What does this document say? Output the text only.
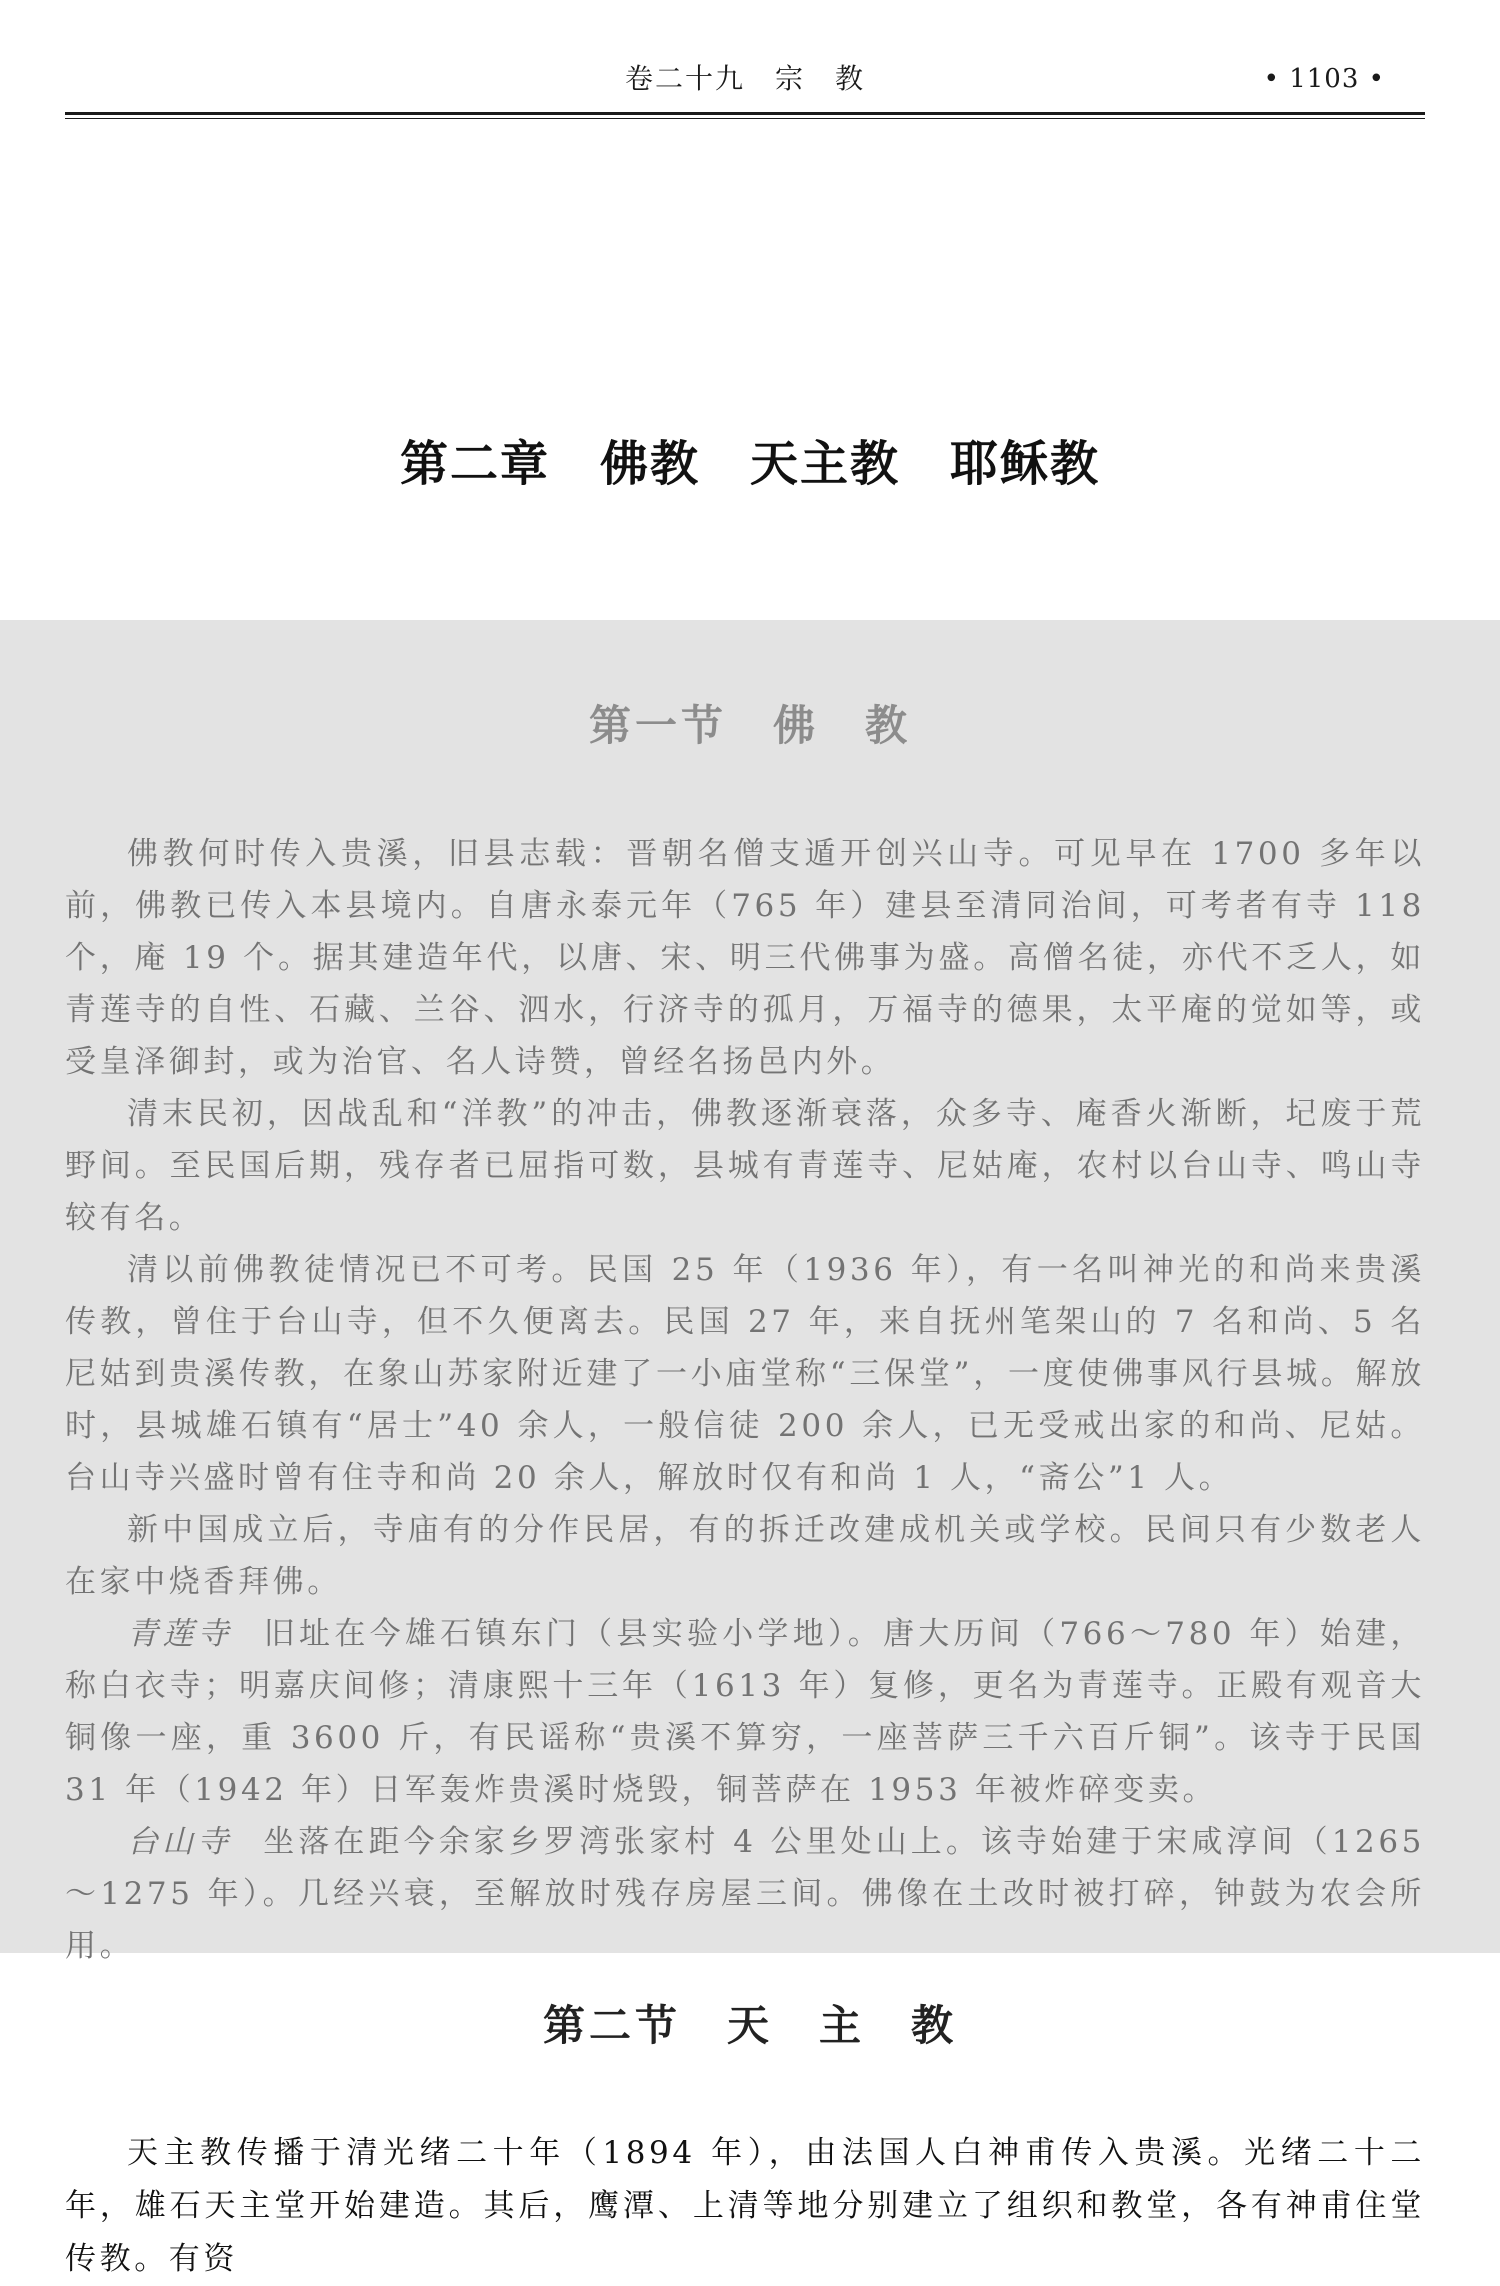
卷二十九　宗　教	• 1103 •
第二章　佛教　天主教　耶稣教
第一节　佛　教

佛教何时传入贵溪，旧县志载：晋朝名僧支遁开创兴山寺。可见早在 1700 多年以前，佛教已传入本县境内。自唐永泰元年（765 年）建县至清同治间，可考者有寺 118 个，庵 19 个。据其建造年代，以唐、宋、明三代佛事为盛。高僧名徒，亦代不乏人，如青莲寺的自性、石藏、兰谷、泗水，行济寺的孤月，万福寺的德果，太平庵的觉如等，或受皇泽御封，或为治官、名人诗赞，曾经名扬邑内外。

清末民初，因战乱和“洋教”的冲击，佛教逐渐衰落，众多寺、庵香火渐断，圮废于荒野间。至民国后期，残存者已屈指可数，县城有青莲寺、尼姑庵，农村以台山寺、鸣山寺较有名。

清以前佛教徒情况已不可考。民国 25 年（1936 年），有一名叫神光的和尚来贵溪传教，曾住于台山寺，但不久便离去。民国 27 年，来自抚州笔架山的 7 名和尚、5 名尼姑到贵溪传教，在象山苏家附近建了一小庙堂称“三保堂”，一度使佛事风行县城。解放时，县城雄石镇有“居士”40 余人，一般信徒 200 余人，已无受戒出家的和尚、尼姑。台山寺兴盛时曾有住寺和尚 20 余人，解放时仅有和尚 1 人，“斋公”1 人。

新中国成立后，寺庙有的分作民居，有的拆迁改建成机关或学校。民间只有少数老人在家中烧香拜佛。

青莲寺 旧址在今雄石镇东门（县实验小学地）。唐大历间（766～780 年）始建，称白衣寺；明嘉庆间修；清康熙十三年（1613 年）复修，更名为青莲寺。正殿有观音大铜像一座，重 3600 斤，有民谣称“贵溪不算穷，一座菩萨三千六百斤铜”。该寺于民国 31 年（1942 年）日军轰炸贵溪时烧毁，铜菩萨在 1953 年被炸碎变卖。

台山寺 坐落在距今余家乡罗湾张家村 4 公里处山上。该寺始建于宋咸淳间（1265～1275 年）。几经兴衰，至解放时残存房屋三间。佛像在土改时被打碎，钟鼓为农会所用。

第二节　天　主　教

天主教传播于清光绪二十年（1894 年），由法国人白神甫传入贵溪。光绪二十二年，雄石天主堂开始建造。其后，鹰潭、上清等地分别建立了组织和教堂，各有神甫住堂传教。有资
